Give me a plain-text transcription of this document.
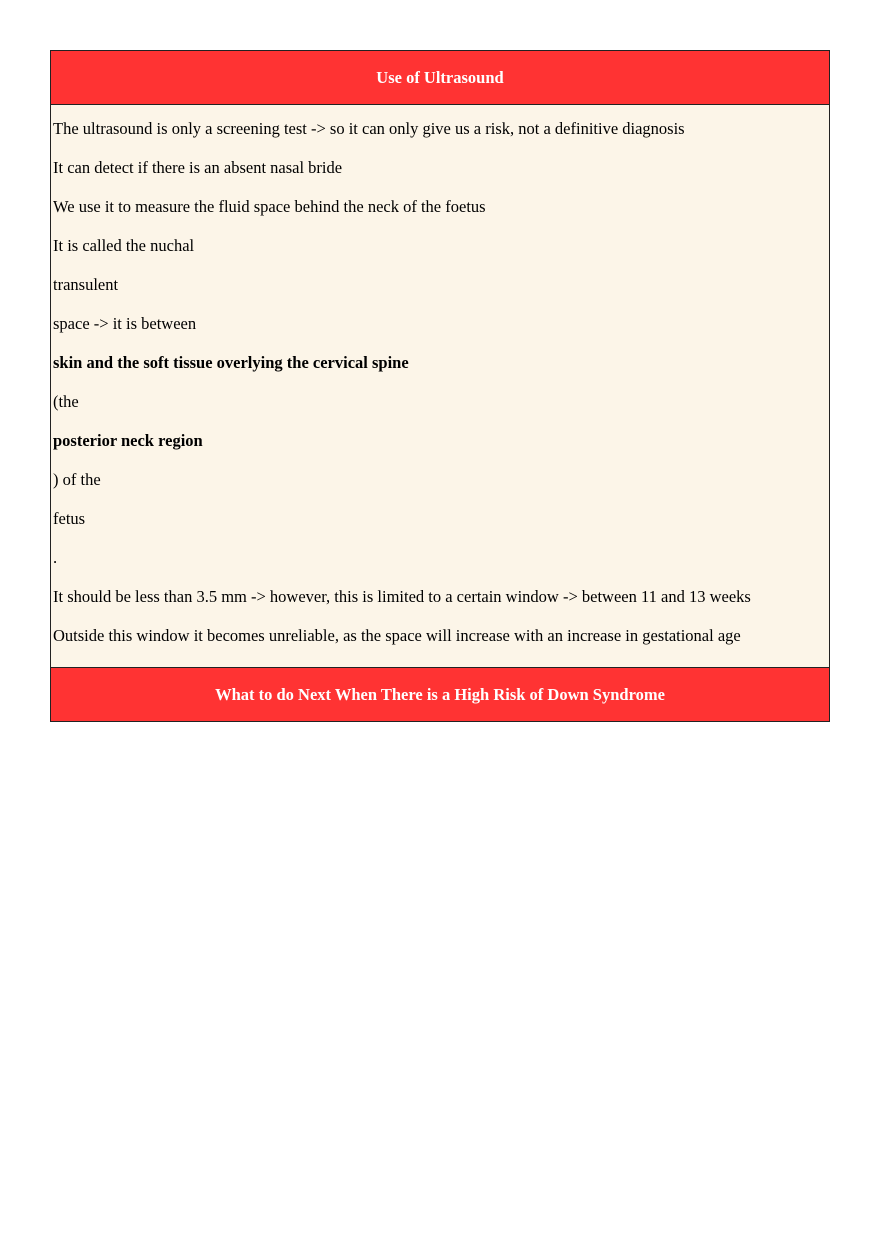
Use of Ultrasound
The ultrasound is only a screening test -> so it can only give us a risk, not a definitive diagnosis
It can detect if there is an absent nasal bride
We use it to measure the fluid space behind the neck of the foetus
It is called the nuchal
transulent
space -> it is between
skin and the soft tissue overlying the cervical spine
(the
posterior neck region
) of the
fetus
.
It should be less than 3.5 mm -> however, this is limited to a certain window -> between 11 and 13 weeks
Outside this window it becomes unreliable, as the space will increase with an increase in gestational age
What to do Next When There is a High Risk of Down Syndrome
